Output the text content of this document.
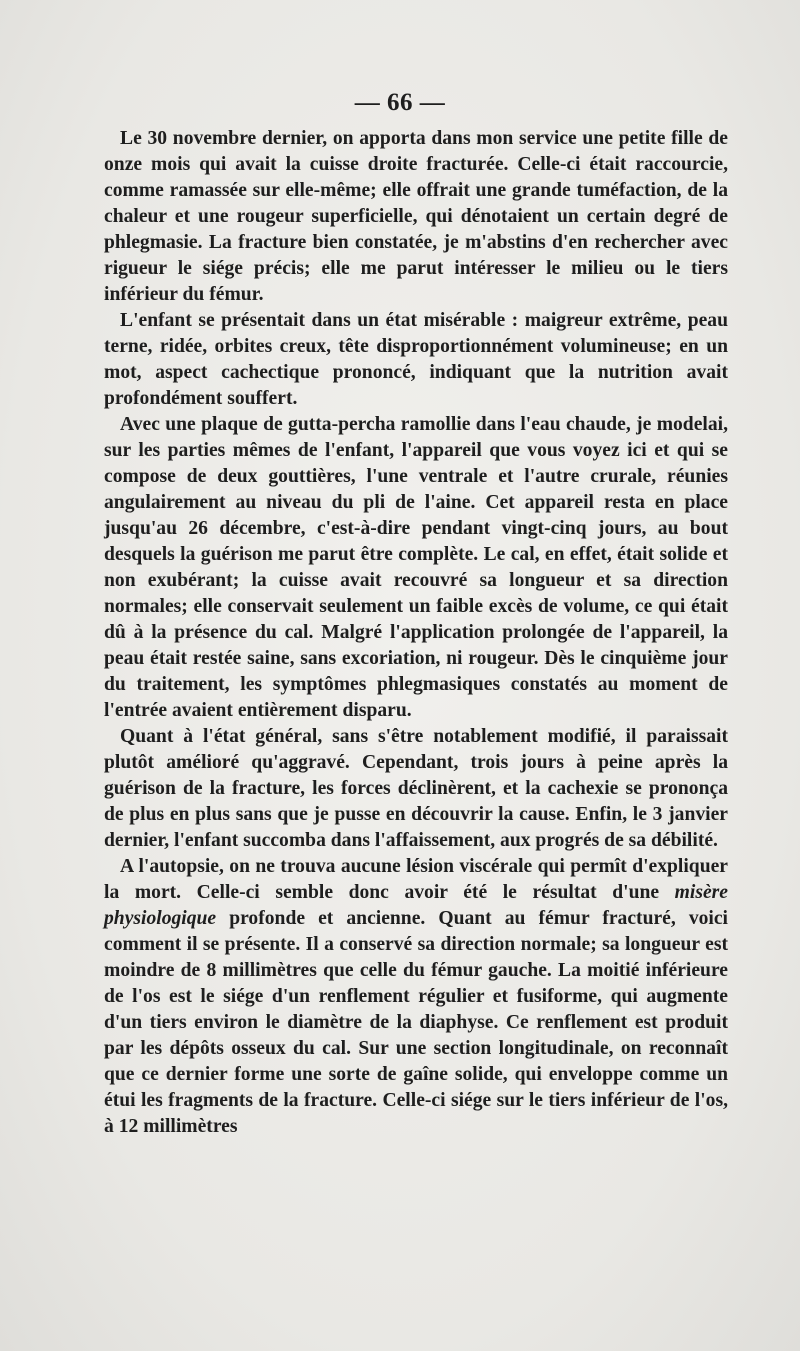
— 66 —

Le 30 novembre dernier, on apporta dans mon service une petite fille de onze mois qui avait la cuisse droite fracturée. Celle-ci était raccourcie, comme ramassée sur elle-même; elle offrait une grande tuméfaction, de la chaleur et une rougeur superficielle, qui dénotaient un certain degré de phlegmasie. La fracture bien constatée, je m'abstins d'en rechercher avec rigueur le siége précis; elle me parut intéresser le milieu ou le tiers inférieur du fémur.

L'enfant se présentait dans un état misérable : maigreur extrême, peau terne, ridée, orbites creux, tête disproportionnément volumineuse; en un mot, aspect cachectique prononcé, indiquant que la nutrition avait profondément souffert.

Avec une plaque de gutta-percha ramollie dans l'eau chaude, je modelai, sur les parties mêmes de l'enfant, l'appareil que vous voyez ici et qui se compose de deux gouttières, l'une ventrale et l'autre crurale, réunies angulairement au niveau du pli de l'aine. Cet appareil resta en place jusqu'au 26 décembre, c'est-à-dire pendant vingt-cinq jours, au bout desquels la guérison me parut être complète. Le cal, en effet, était solide et non exubérant; la cuisse avait recouvré sa longueur et sa direction normales; elle conservait seulement un faible excès de volume, ce qui était dû à la présence du cal. Malgré l'application prolongée de l'appareil, la peau était restée saine, sans excoriation, ni rougeur. Dès le cinquième jour du traitement, les symptômes phlegmasiques constatés au moment de l'entrée avaient entièrement disparu.

Quant à l'état général, sans s'être notablement modifié, il paraissait plutôt amélioré qu'aggravé. Cependant, trois jours à peine après la guérison de la fracture, les forces déclinèrent, et la cachexie se prononça de plus en plus sans que je pusse en découvrir la cause. Enfin, le 3 janvier dernier, l'enfant succomba dans l'affaissement, aux progrés de sa débilité.

A l'autopsie, on ne trouva aucune lésion viscérale qui permît d'expliquer la mort. Celle-ci semble donc avoir été le résultat d'une misère physiologique profonde et ancienne. Quant au fémur fracturé, voici comment il se présente. Il a conservé sa direction normale; sa longueur est moindre de 8 millimètres que celle du fémur gauche. La moitié inférieure de l'os est le siége d'un renflement régulier et fusiforme, qui augmente d'un tiers environ le diamètre de la diaphyse. Ce renflement est produit par les dépôts osseux du cal. Sur une section longitudinale, on reconnaît que ce dernier forme une sorte de gaîne solide, qui enveloppe comme un étui les fragments de la fracture. Celle-ci siége sur le tiers inférieur de l'os, à 12 millimètres
